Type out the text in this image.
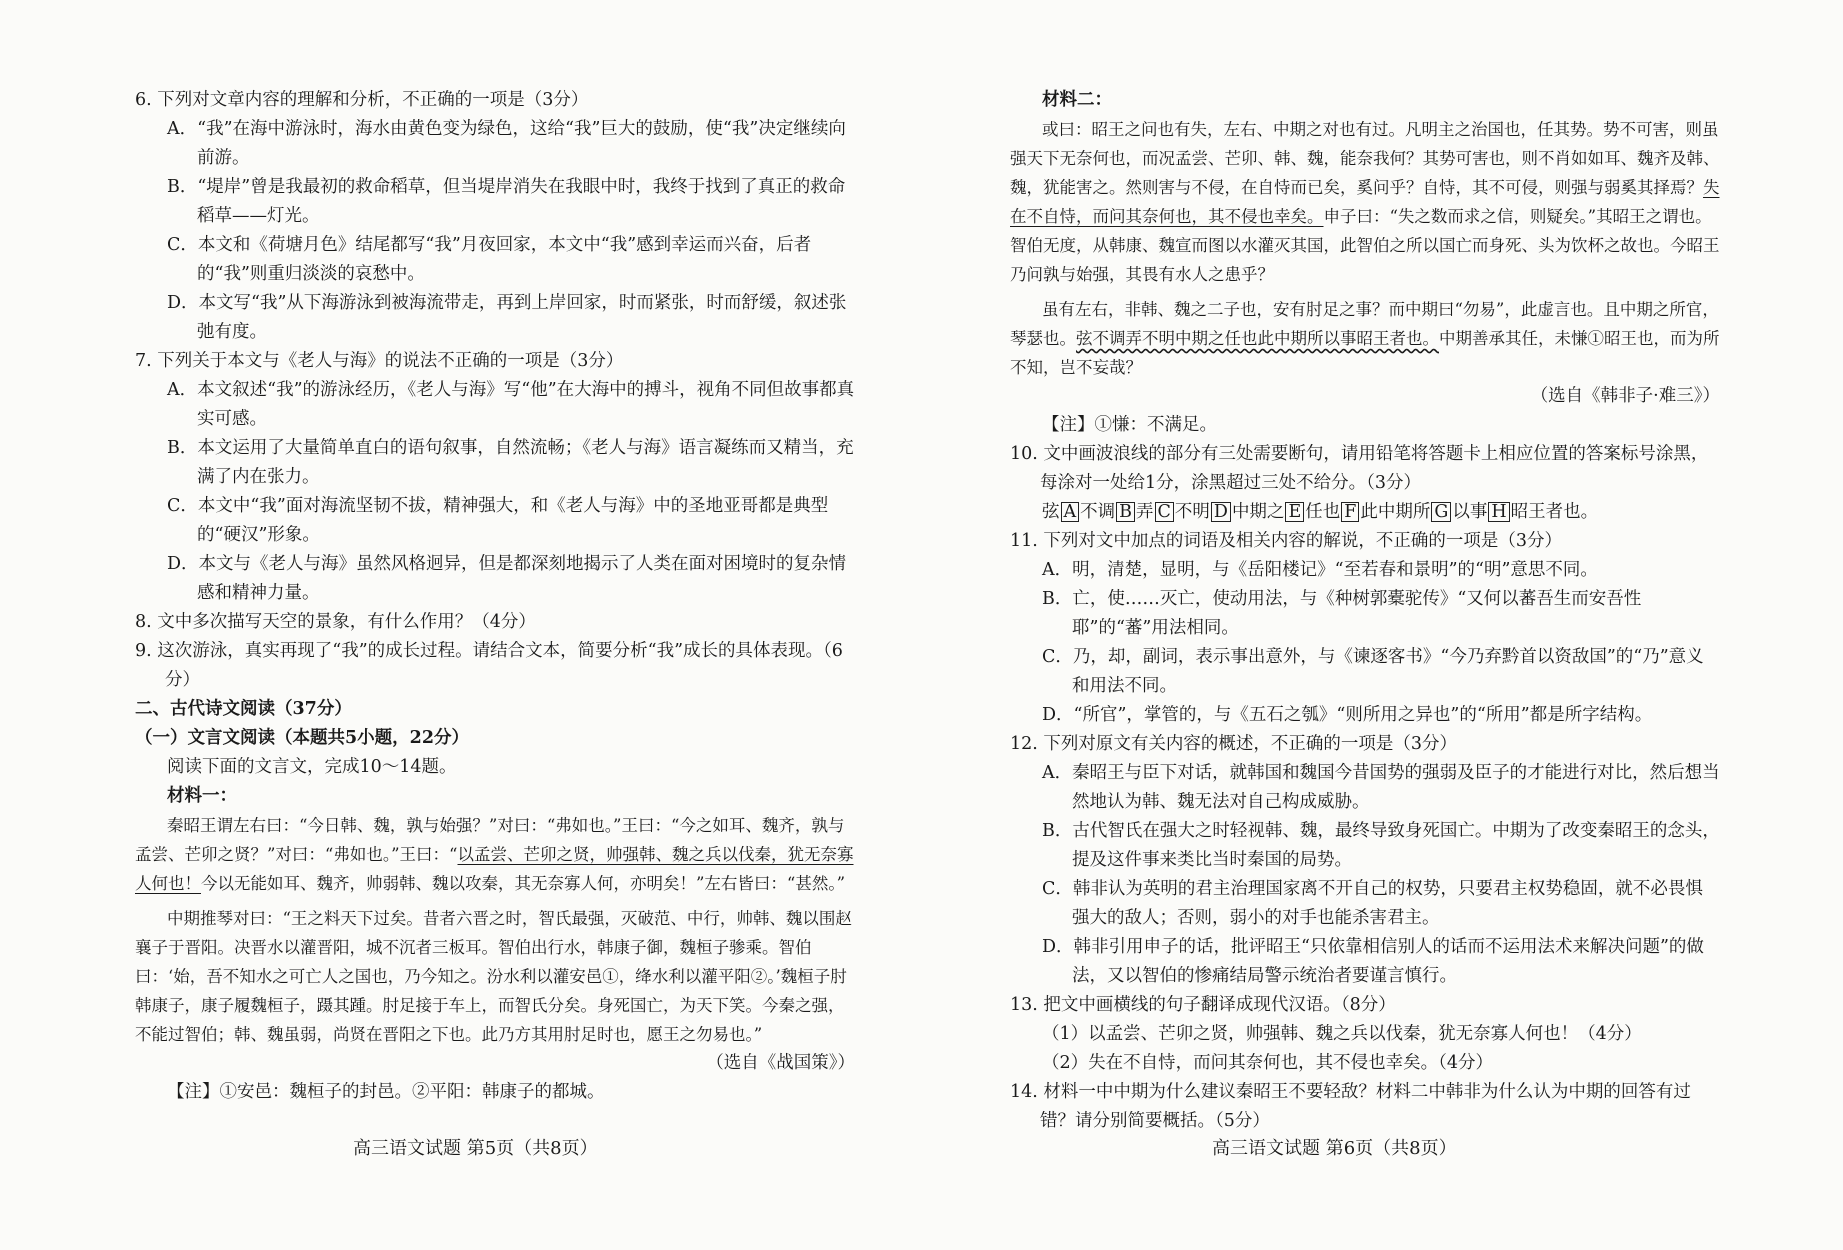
6. 下列对文章内容的理解和分析，不正确的一项是（3分）

A．“我”在海中游泳时，海水由黄色变为绿色，这给“我”巨大的鼓励，使“我”决定继续向前游。

B．“堤岸”曾是我最初的救命稻草，但当堤岸消失在我眼中时，我终于找到了真正的救命稻草——灯光。

C．本文和《荷塘月色》结尾都写“我”月夜回家，本文中“我”感到幸运而兴奋，后者的“我”则重归淡淡的哀愁中。

D．本文写“我”从下海游泳到被海流带走，再到上岸回家，时而紧张，时而舒缓，叙述张弛有度。

7. 下列关于本文与《老人与海》的说法不正确的一项是（3分）

A．本文叙述“我”的游泳经历，《老人与海》写“他”在大海中的搏斗，视角不同但故事都真实可感。

B．本文运用了大量简单直白的语句叙事，自然流畅；《老人与海》语言凝练而又精当，充满了内在张力。

C．本文中“我”面对海流坚韧不拔，精神强大，和《老人与海》中的圣地亚哥都是典型的“硬汉”形象。

D．本文与《老人与海》虽然风格迥异，但是都深刻地揭示了人类在面对困境时的复杂情感和精神力量。

8. 文中多次描写天空的景象，有什么作用？（4分）

9. 这次游泳，真实再现了“我”的成长过程。请结合文本，简要分析“我”成长的具体表现。（6分）

二、古代诗文阅读（37分）

（一）文言文阅读（本题共5小题，22分）

阅读下面的文言文，完成10～14题。

材料一：

秦昭王谓左右曰：“今日韩、魏，孰与始强？”对曰：“弗如也。”王曰：“今之如耳、魏齐，孰与孟尝、芒卯之贤？”对曰：“弗如也。”王曰：“以孟尝、芒卯之贤，帅强韩、魏之兵以伐秦，犹无奈寡人何也！今以无能如耳、魏齐，帅弱韩、魏以攻秦，其无奈寡人何，亦明矣！”左右皆曰：“甚然。”

中期推琴对曰：“王之料天下过矣。昔者六晋之时，智氏最强，灭破范、中行，帅韩、魏以围赵襄子于晋阳。决晋水以灌晋阳，城不沉者三板耳。智伯出行水，韩康子御，魏桓子骖乘。智伯曰：‘始，吾不知水之可亡人之国也，乃今知之。汾水利以灌安邑①，绛水利以灌平阳②。’魏桓子肘韩康子，康子履魏桓子，蹑其踵。肘足接于车上，而智氏分矣。身死国亡，为天下笑。今秦之强，不能过智伯；韩、魏虽弱，尚贤在晋阳之下也。此乃方其用肘足时也，愿王之勿易也。”

（选自《战国策》）

【注】①安邑：魏桓子的封邑。②平阳：韩康子的都城。

材料二：

或曰：昭王之问也有失，左右、中期之对也有过。凡明主之治国也，任其势。势不可害，则虽强天下无奈何也，而况孟尝、芒卯、韩、魏，能奈我何？其势可害也，则不肖如如耳、魏齐及韩、魏，犹能害之。然则害与不侵，在自恃而已矣，奚问乎？自恃，其不可侵，则强与弱奚其择焉？失在不自恃，而问其奈何也，其不侵也幸矣。申子曰：“失之数而求之信，则疑矣。”其昭王之谓也。智伯无度，从韩康、魏宣而图以水灌灭其国，此智伯之所以国亡而身死、头为饮杯之故也。今昭王乃问孰与始强，其畏有水人之患乎？

虽有左右，非韩、魏之二子也，安有肘足之事？而中期曰“勿易”，此虚言也。且中期之所官，琴瑟也。弦不调弄不明中期之任也此中期所以事昭王者也。中期善承其任，未慊①昭王也，而为所不知，岂不妄哉？

（选自《韩非子·难三》）

【注】①慊：不满足。

10. 文中画波浪线的部分有三处需要断句，请用铅笔将答题卡上相应位置的答案标号涂黑，每涂对一处给1分，涂黑超过三处不给分。（3分）

弦 A 不调 B 弄 C 不明 D 中期之 E 任也 F 此中期所 G 以事 H 昭王者也。

11. 下列对文中加点的词语及相关内容的解说，不正确的一项是（3分）

A．明，清楚，显明，与《岳阳楼记》“至若春和景明”的“明”意思不同。

B．亡，使……灭亡，使动用法，与《种树郭橐驼传》“又何以蕃吾生而安吾性耶”的“蕃”用法相同。

C．乃，却，副词，表示事出意外，与《谏逐客书》“今乃弃黔首以资敌国”的“乃”意义和用法不同。

D．“所官”，掌管的，与《五石之瓠》“则所用之异也”的“所用”都是所字结构。

12. 下列对原文有关内容的概述，不正确的一项是（3分）

A．秦昭王与臣下对话，就韩国和魏国今昔国势的强弱及臣子的才能进行对比，然后想当然地认为韩、魏无法对自己构成威胁。

B．古代智氏在强大之时轻视韩、魏，最终导致身死国亡。中期为了改变秦昭王的念头，提及这件事来类比当时秦国的局势。

C．韩非认为英明的君主治理国家离不开自己的权势，只要君主权势稳固，就不必畏惧强大的敌人；否则，弱小的对手也能杀害君主。

D．韩非引用申子的话，批评昭王“只依靠相信别人的话而不运用法术来解决问题”的做法，又以智伯的惨痛结局警示统治者要谨言慎行。

13. 把文中画横线的句子翻译成现代汉语。（8分）

（1）以孟尝、芒卯之贤，帅强韩、魏之兵以伐秦，犹无奈寡人何也！（4分）

（2）失在不自恃，而问其奈何也，其不侵也幸矣。（4分）

14. 材料一中中期为什么建议秦昭王不要轻敌？材料二中韩非为什么认为中期的回答有过错？请分别简要概括。（5分）

高三语文试题 第5页（共8页）	高三语文试题 第6页（共8页）
